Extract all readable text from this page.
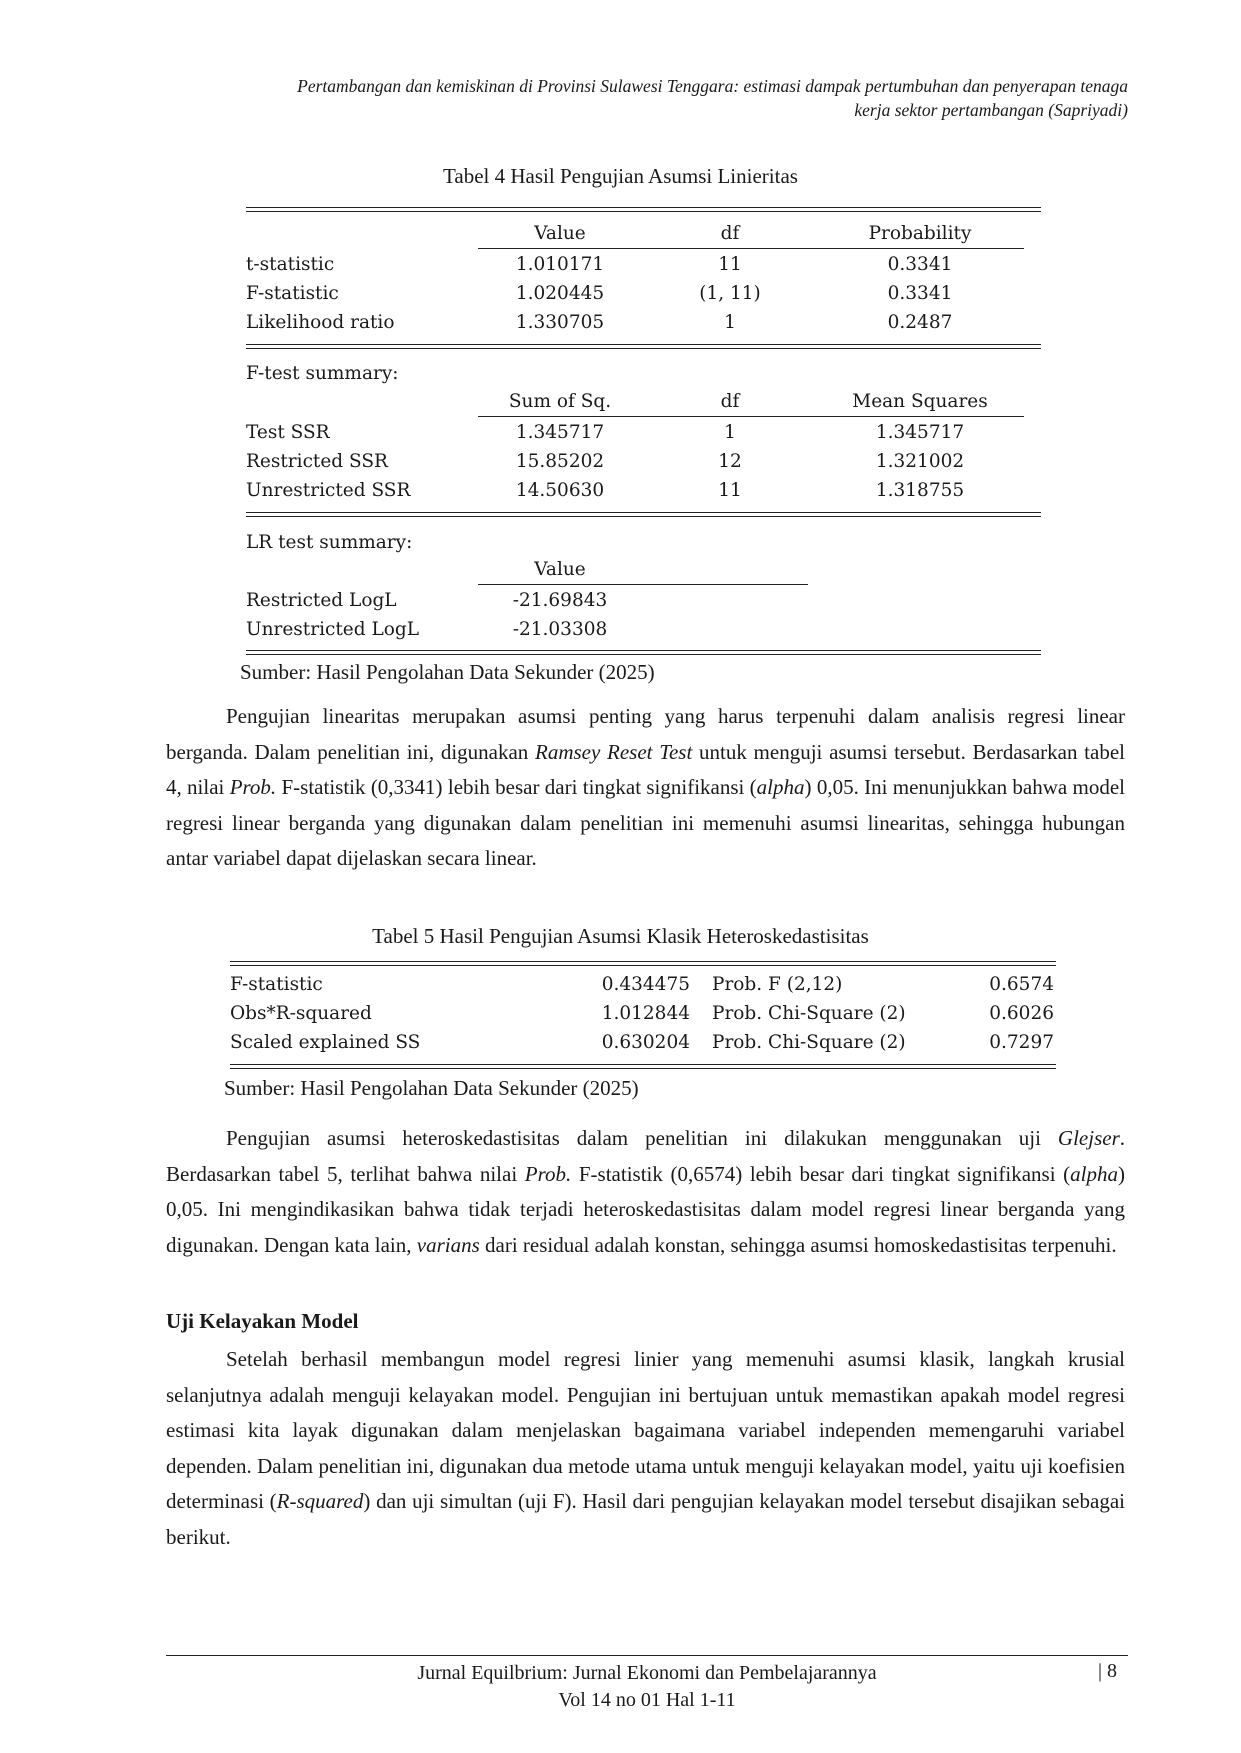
Pertambangan dan kemiskinan di Provinsi Sulawesi Tenggara: estimasi dampak pertumbuhan dan penyerapan tenaga
kerja sektor pertambangan (Sapriyadi)
Tabel 4 Hasil Pengujian Asumsi Linieritas
Value	df	Probability
t-statistic	1.010171	11	0.3341
F-statistic	1.020445	(1, 11)	0.3341
Likelihood ratio	1.330705	1	0.2487
F-test summary:
Sum of Sq.	df	Mean Squares
Test SSR	1.345717	1	1.345717
Restricted SSR	15.85202	12	1.321002
Unrestricted SSR	14.50630	11	1.318755
LR test summary:
Value
Restricted LogL	-21.69843
Unrestricted LogL	-21.03308
Sumber: Hasil Pengolahan Data Sekunder (2025)

Pengujian linearitas merupakan asumsi penting yang harus terpenuhi dalam analisis regresi linear berganda. Dalam penelitian ini, digunakan Ramsey Reset Test untuk menguji asumsi tersebut. Berdasarkan tabel 4, nilai Prob. F-statistik (0,3341) lebih besar dari tingkat signifikansi (alpha) 0,05. Ini menunjukkan bahwa model regresi linear berganda yang digunakan dalam penelitian ini memenuhi asumsi linearitas, sehingga hubungan antar variabel dapat dijelaskan secara linear.

Tabel 5 Hasil Pengujian Asumsi Klasik Heteroskedastisitas
F-statistic	0.434475 Prob. F (2,12)	0.6574
Obs*R-squared	1.012844 Prob. Chi-Square (2)	0.6026
Scaled explained SS	0.630204 Prob. Chi-Square (2)	0.7297
Sumber: Hasil Pengolahan Data Sekunder (2025)

Pengujian asumsi heteroskedastisitas dalam penelitian ini dilakukan menggunakan uji Glejser. Berdasarkan tabel 5, terlihat bahwa nilai Prob. F-statistik (0,6574) lebih besar dari tingkat signifikansi (alpha) 0,05. Ini mengindikasikan bahwa tidak terjadi heteroskedastisitas dalam model regresi linear berganda yang digunakan. Dengan kata lain, varians dari residual adalah konstan, sehingga asumsi homoskedastisitas terpenuhi.

Uji Kelayakan Model

Setelah berhasil membangun model regresi linier yang memenuhi asumsi klasik, langkah krusial selanjutnya adalah menguji kelayakan model. Pengujian ini bertujuan untuk memastikan apakah model regresi estimasi kita layak digunakan dalam menjelaskan bagaimana variabel independen memengaruhi variabel dependen. Dalam penelitian ini, digunakan dua metode utama untuk menguji kelayakan model, yaitu uji koefisien determinasi (R-squared) dan uji simultan (uji F). Hasil dari pengujian kelayakan model tersebut disajikan sebagai berikut.

Jurnal Equilbrium: Jurnal Ekonomi dan Pembelajarannya
Vol 14 no 01 Hal 1-11
| 8
